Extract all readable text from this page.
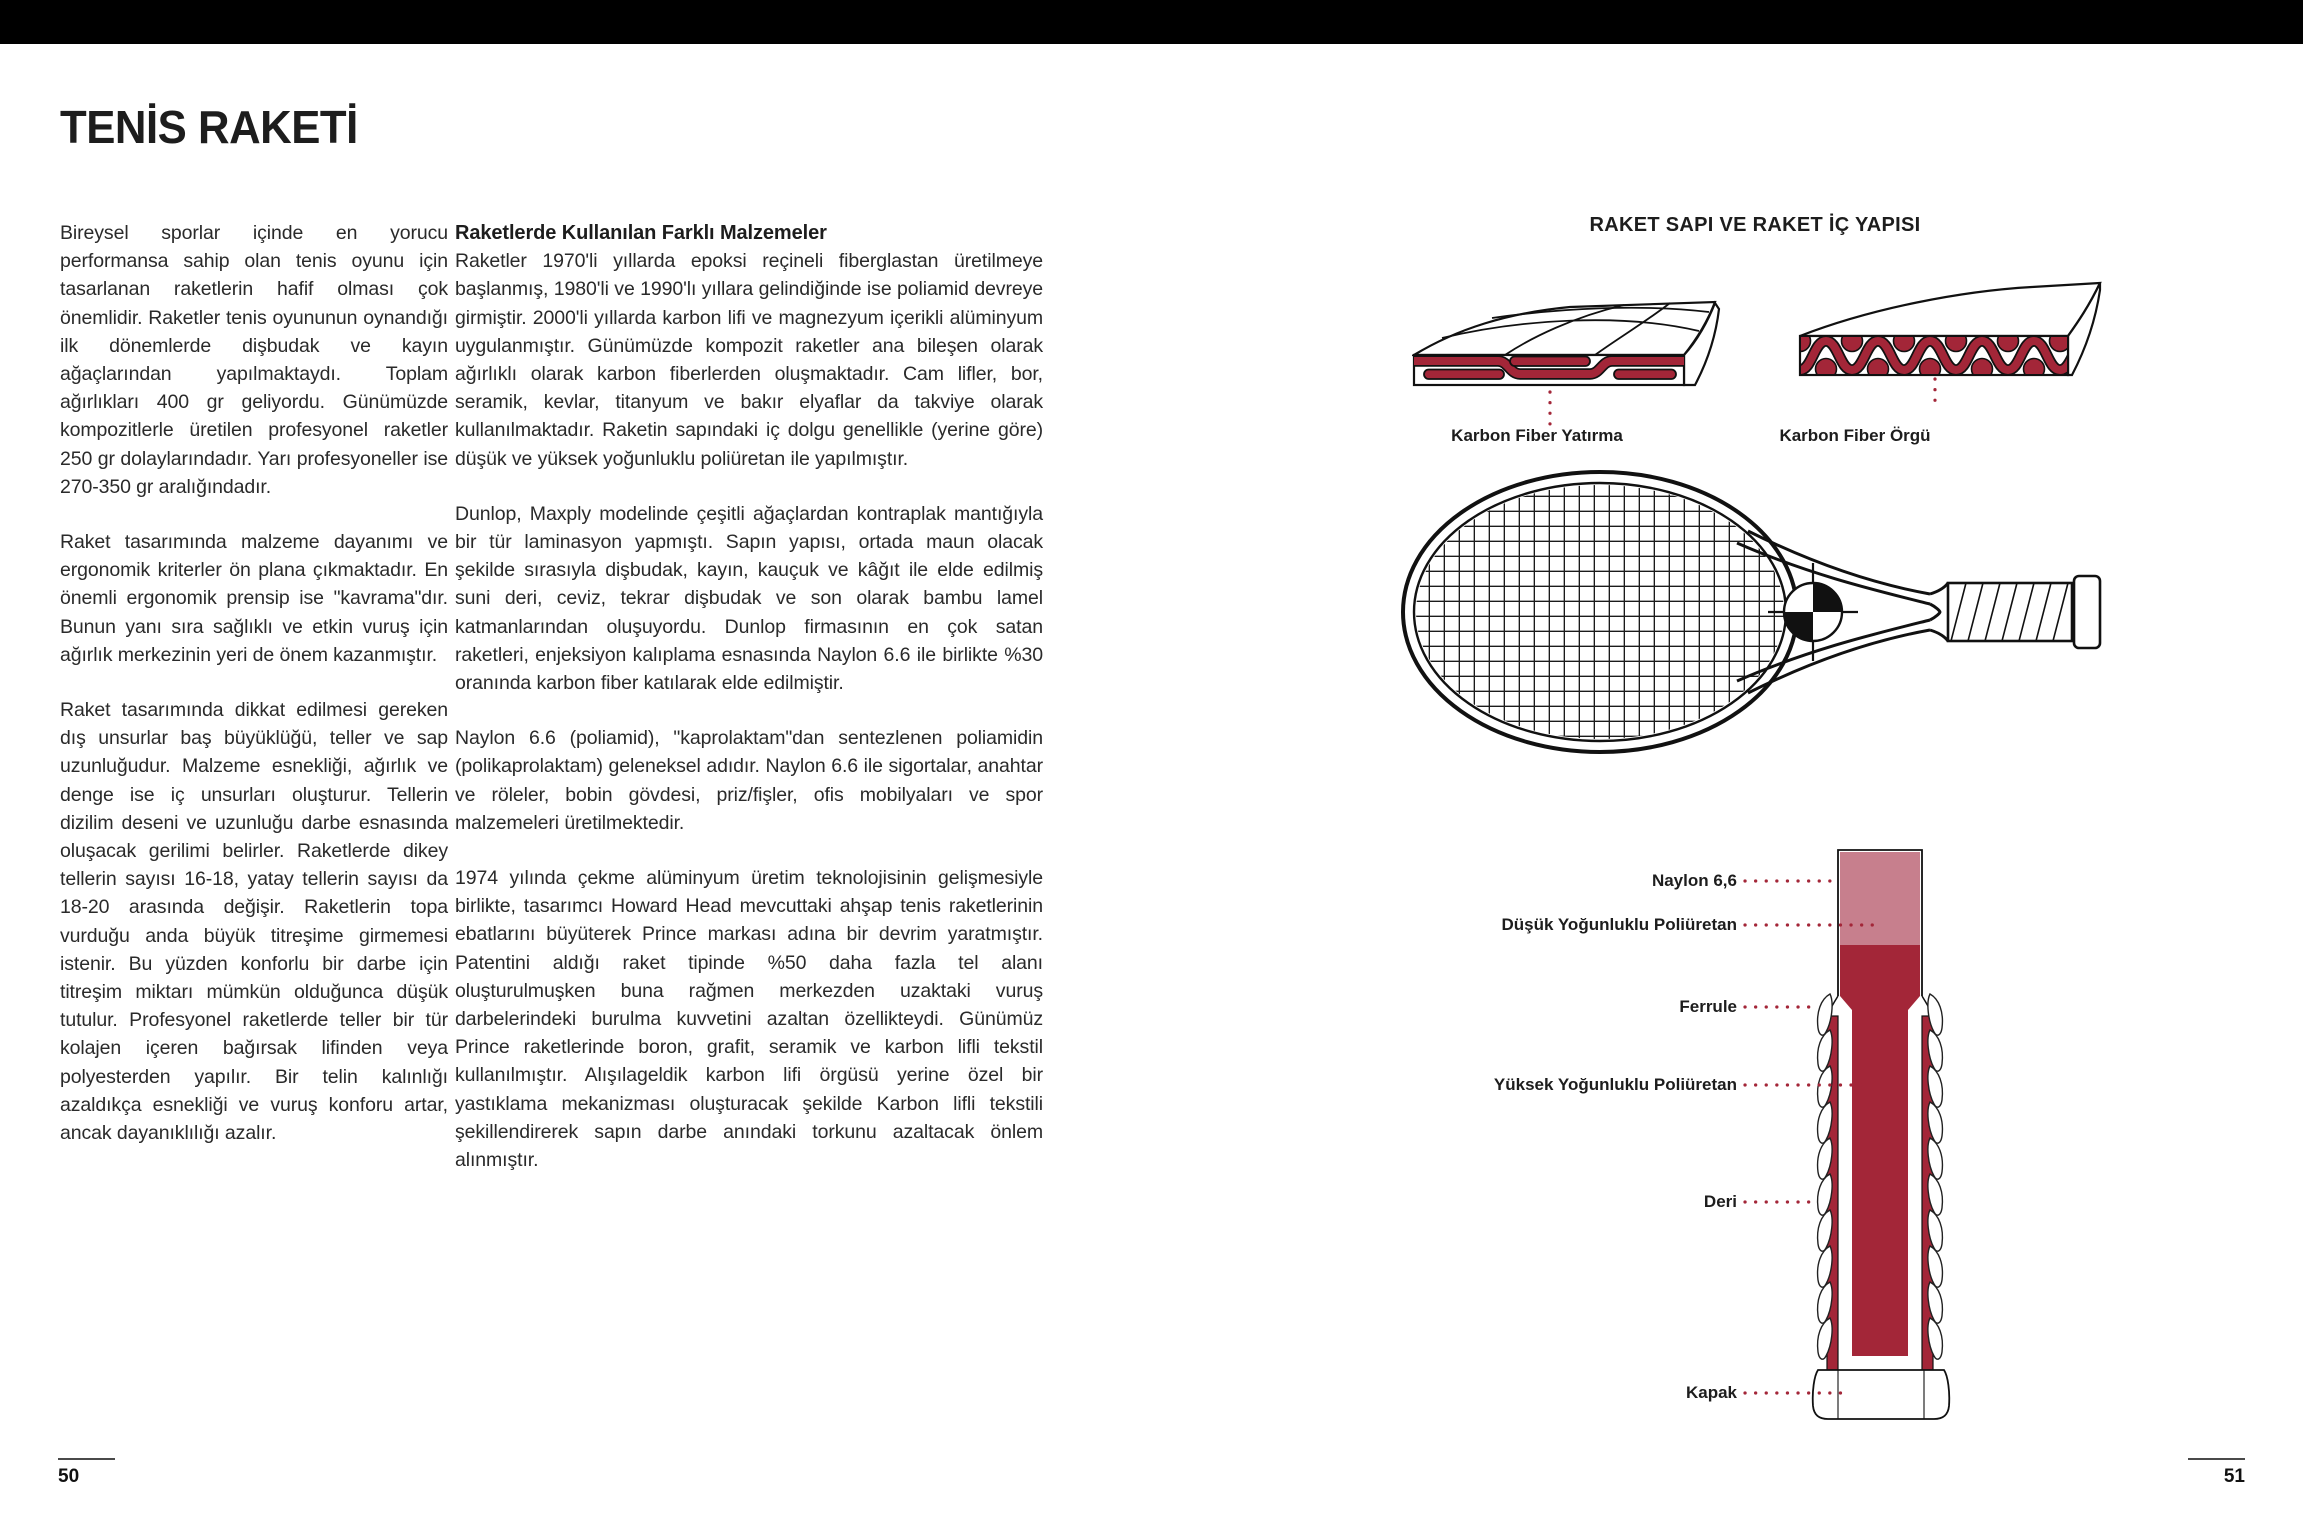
TENİS RAKETİ

Bireysel sporlar içinde en yorucu performansa sahip olan tenis oyunu için tasarlanan raketlerin hafif olması çok önemlidir. Raketler tenis oyununun oynandığı ilk dönemlerde dişbudak ve kayın ağaçlarından yapılmaktaydı. Toplam ağırlıkları 400 gr geliyordu. Günümüzde kompozitlerle üretilen profesyonel raketler 250 gr dolaylarındadır. Yarı profesyoneller ise 270-350 gr aralığındadır.

Raket tasarımında malzeme dayanımı ve ergonomik kriterler ön plana çıkmaktadır. En önemli ergonomik prensip ise "kavrama"dır. Bunun yanı sıra sağlıklı ve etkin vuruş için ağırlık merkezinin yeri de önem kazanmıştır.

Raket tasarımında dikkat edilmesi gereken dış unsurlar baş büyüklüğü, teller ve sap uzunluğudur. Malzeme esnekliği, ağırlık ve denge ise iç unsurları oluşturur. Tellerin dizilim deseni ve uzunluğu darbe esnasında oluşacak gerilimi belirler. Raketlerde dikey tellerin sayısı 16-18, yatay tellerin sayısı da 18-20 arasında değişir. Raketlerin topa vurduğu anda büyük titreşime girmemesi istenir. Bu yüzden konforlu bir darbe için titreşim miktarı mümkün olduğunca düşük tutulur. Profesyonel raketlerde teller bir tür kolajen içeren bağırsak lifinden veya polyesterden yapılır. Bir telin kalınlığı azaldıkça esnekliği ve vuruş konforu artar, ancak dayanıklılığı azalır.

Raketlerde Kullanılan Farklı Malzemeler

Raketler 1970'li yıllarda epoksi reçineli fiberglastan üretilmeye başlanmış, 1980'li ve 1990'lı yıllara gelindiğinde ise poliamid devreye girmiştir. 2000'li yıllarda karbon lifi ve magnezyum içerikli alüminyum uygulanmıştır. Günümüzde kompozit raketler ana bileşen olarak ağırlıklı olarak karbon fiberlerden oluşmaktadır. Cam lifler, bor, seramik, kevlar, titanyum ve bakır elyaflar da takviye olarak kullanılmaktadır. Raketin sapındaki iç dolgu genellikle (yerine göre) düşük ve yüksek yoğunluklu poliüretan ile yapılmıştır.

Dunlop, Maxply modelinde çeşitli ağaçlardan kontraplak mantığıyla bir tür laminasyon yapmıştı. Sapın yapısı, ortada maun olacak şekilde sırasıyla dişbudak, kayın, kauçuk ve kâğıt ile elde edilmiş suni deri, ceviz, tekrar dişbudak ve son olarak bambu lamel katmanlarından oluşuyordu. Dunlop firmasının en çok satan raketleri, enjeksiyon kalıplama esnasında Naylon 6.6 ile birlikte %30 oranında karbon fiber katılarak elde edilmiştir.

Naylon 6.6 (poliamid), "kaprolaktam"dan sentezlenen poliamidin (polikaprolaktam) geleneksel adıdır. Naylon 6.6 ile sigortalar, anahtar ve röleler, bobin gövdesi, priz/fişler, ofis mobilyaları ve spor malzemeleri üretilmektedir.

1974 yılında çekme alüminyum üretim teknolojisinin gelişmesiyle birlikte, tasarımcı Howard Head mevcuttaki ahşap tenis raketlerinin ebatlarını büyüterek Prince markası adına bir devrim yaratmıştır. Patentini aldığı raket tipinde %50 daha fazla tel alanı oluşturulmuşken buna rağmen merkezden uzaktaki vuruş darbelerindeki burulma kuvvetini azaltan özellikteydi. Günümüz Prince raketlerinde boron, grafit, seramik ve karbon lifli tekstil kullanılmıştır. Alışılageldik karbon lifi örgüsü yerine özel bir yastıklama mekanizması oluşturacak şekilde Karbon lifli tekstili şekillendirerek sapın darbe anındaki torkunu azaltacak önlem alınmıştır.

50
RAKET SAPI VE RAKET İÇ YAPISI
Karbon Fiber Yatırma	Karbon Fiber Örgü
Naylon 6,6
Düşük Yoğunluklu Poliüretan
Ferrule
Yüksek Yoğunluklu Poliüretan
Deri
Kapak
51
